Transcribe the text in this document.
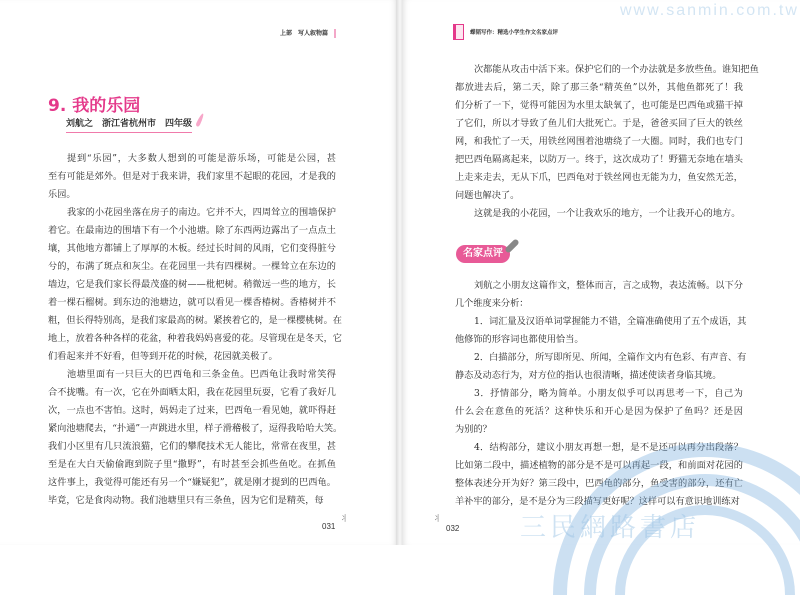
上部　写人叙物篇
9. 我的乐园
刘航之　浙江省杭州市　四年级
提到“乐园”，大多数人想到的可能是游乐场，可能是公园，甚
至有可能是郊外。但是对于我来讲，我们家里不起眼的花园，才是我的
乐园。
我家的小花园坐落在房子的南边。它并不大，四周耸立的围墙保护
着它。在最南边的围墙下有一个小池塘。除了东西两边露出了一点点土
壤，其他地方都铺上了厚厚的木板。经过长时间的风雨，它们变得脏兮
兮的，布满了斑点和灰尘。在花园里一共有四棵树。一棵耸立在东边的
墙边，它是我们家长得最茂盛的树——枇杷树。稍微远一些的地方，长
着一棵石榴树。到东边的池塘边，就可以看见一棵香椿树。香椿树并不
粗，但长得特别高，是我们家最高的树。紧挨着它的，是一棵樱桃树。在
地上，放着各种各样的花盆，种着我妈妈喜爱的花。尽管现在是冬天，它
们看起来并不好看，但等到开花的时候，花园就美极了。
池塘里面有一只巨大的巴西龟和三条金鱼。巴西龟让我时常笑得
合不拢嘴。有一次，它在外面晒太阳，我在花园里玩耍，它看了我好几
次，一点也不害怕。这时，妈妈走了过来，巴西龟一看见她，就吓得赶
紧向池塘爬去，“扑通”一声跳进水里，样子滑稽极了，逗得我哈哈大笑。
我们小区里有几只流浪猫，它们的攀爬技术无人能比，常常在夜里，甚
至是在大白天偷偷跑到院子里“撒野”，有时甚至会抓些鱼吃。在抓鱼
这件事上，我觉得可能还有另一个“嫌疑犯”，就是刚才提到的巴西龟。
毕竟，它是食肉动物。我们池塘里只有三条鱼，因为它们是精英，每
031
⺦
蝶韬写作：精选小学生作文名家点评
次都能从攻击中活下来。保护它们的一个办法就是多放些鱼。谁知把鱼
都放进去后，第二天，除了那三条“精英鱼”以外，其他鱼都死了！我
们分析了一下，觉得可能因为水里太缺氧了，也可能是巴西龟或猫干掉
了它们，所以才导致了鱼儿们大批死亡。于是，爸爸买回了巨大的铁丝
网，和我忙了一天，用铁丝网围着池塘绕了一大圈。同时，我们也专门
把巴西龟隔离起来，以防万一。终于，这次成功了！野猫无奈地在墙头
上走来走去，无从下爪，巴西龟对于铁丝网也无能为力，鱼安然无恙，
问题也解决了。
这就是我的小花园，一个让我欢乐的地方，一个让我开心的地方。
名家点评
刘航之小朋友这篇作文，整体而言，言之成物，表达流畅。以下分
几个维度来分析：
1．词汇量及汉语单词掌握能力不错，全篇准确使用了五个成语，其
他修饰的形容词也都使用恰当。
2．白描部分，所写即所见、所闻，全篇作文内有色彩、有声音、有
静态及动态行为，对方位的指认也很清晰，描述使读者身临其境。
3．抒情部分，略为简单。小朋友似乎可以再思考一下，自己为
什么会在意鱼的死活？这种快乐和开心是因为保护了鱼吗？还是因
为别的？
4．结构部分，建议小朋友再想一想，是不是还可以再分出段落？
比如第二段中，描述植物的部分是不是可以再起一段，和前面对花园的
整体表述分开为好？第三段中，巴西龟的部分，鱼受害的部分，还有亡
羊补牢的部分，是不是分为三段描写更好呢？这样可以有意识地训练对
⺦
032 三民網路書店
www.sanmin.com.tw
